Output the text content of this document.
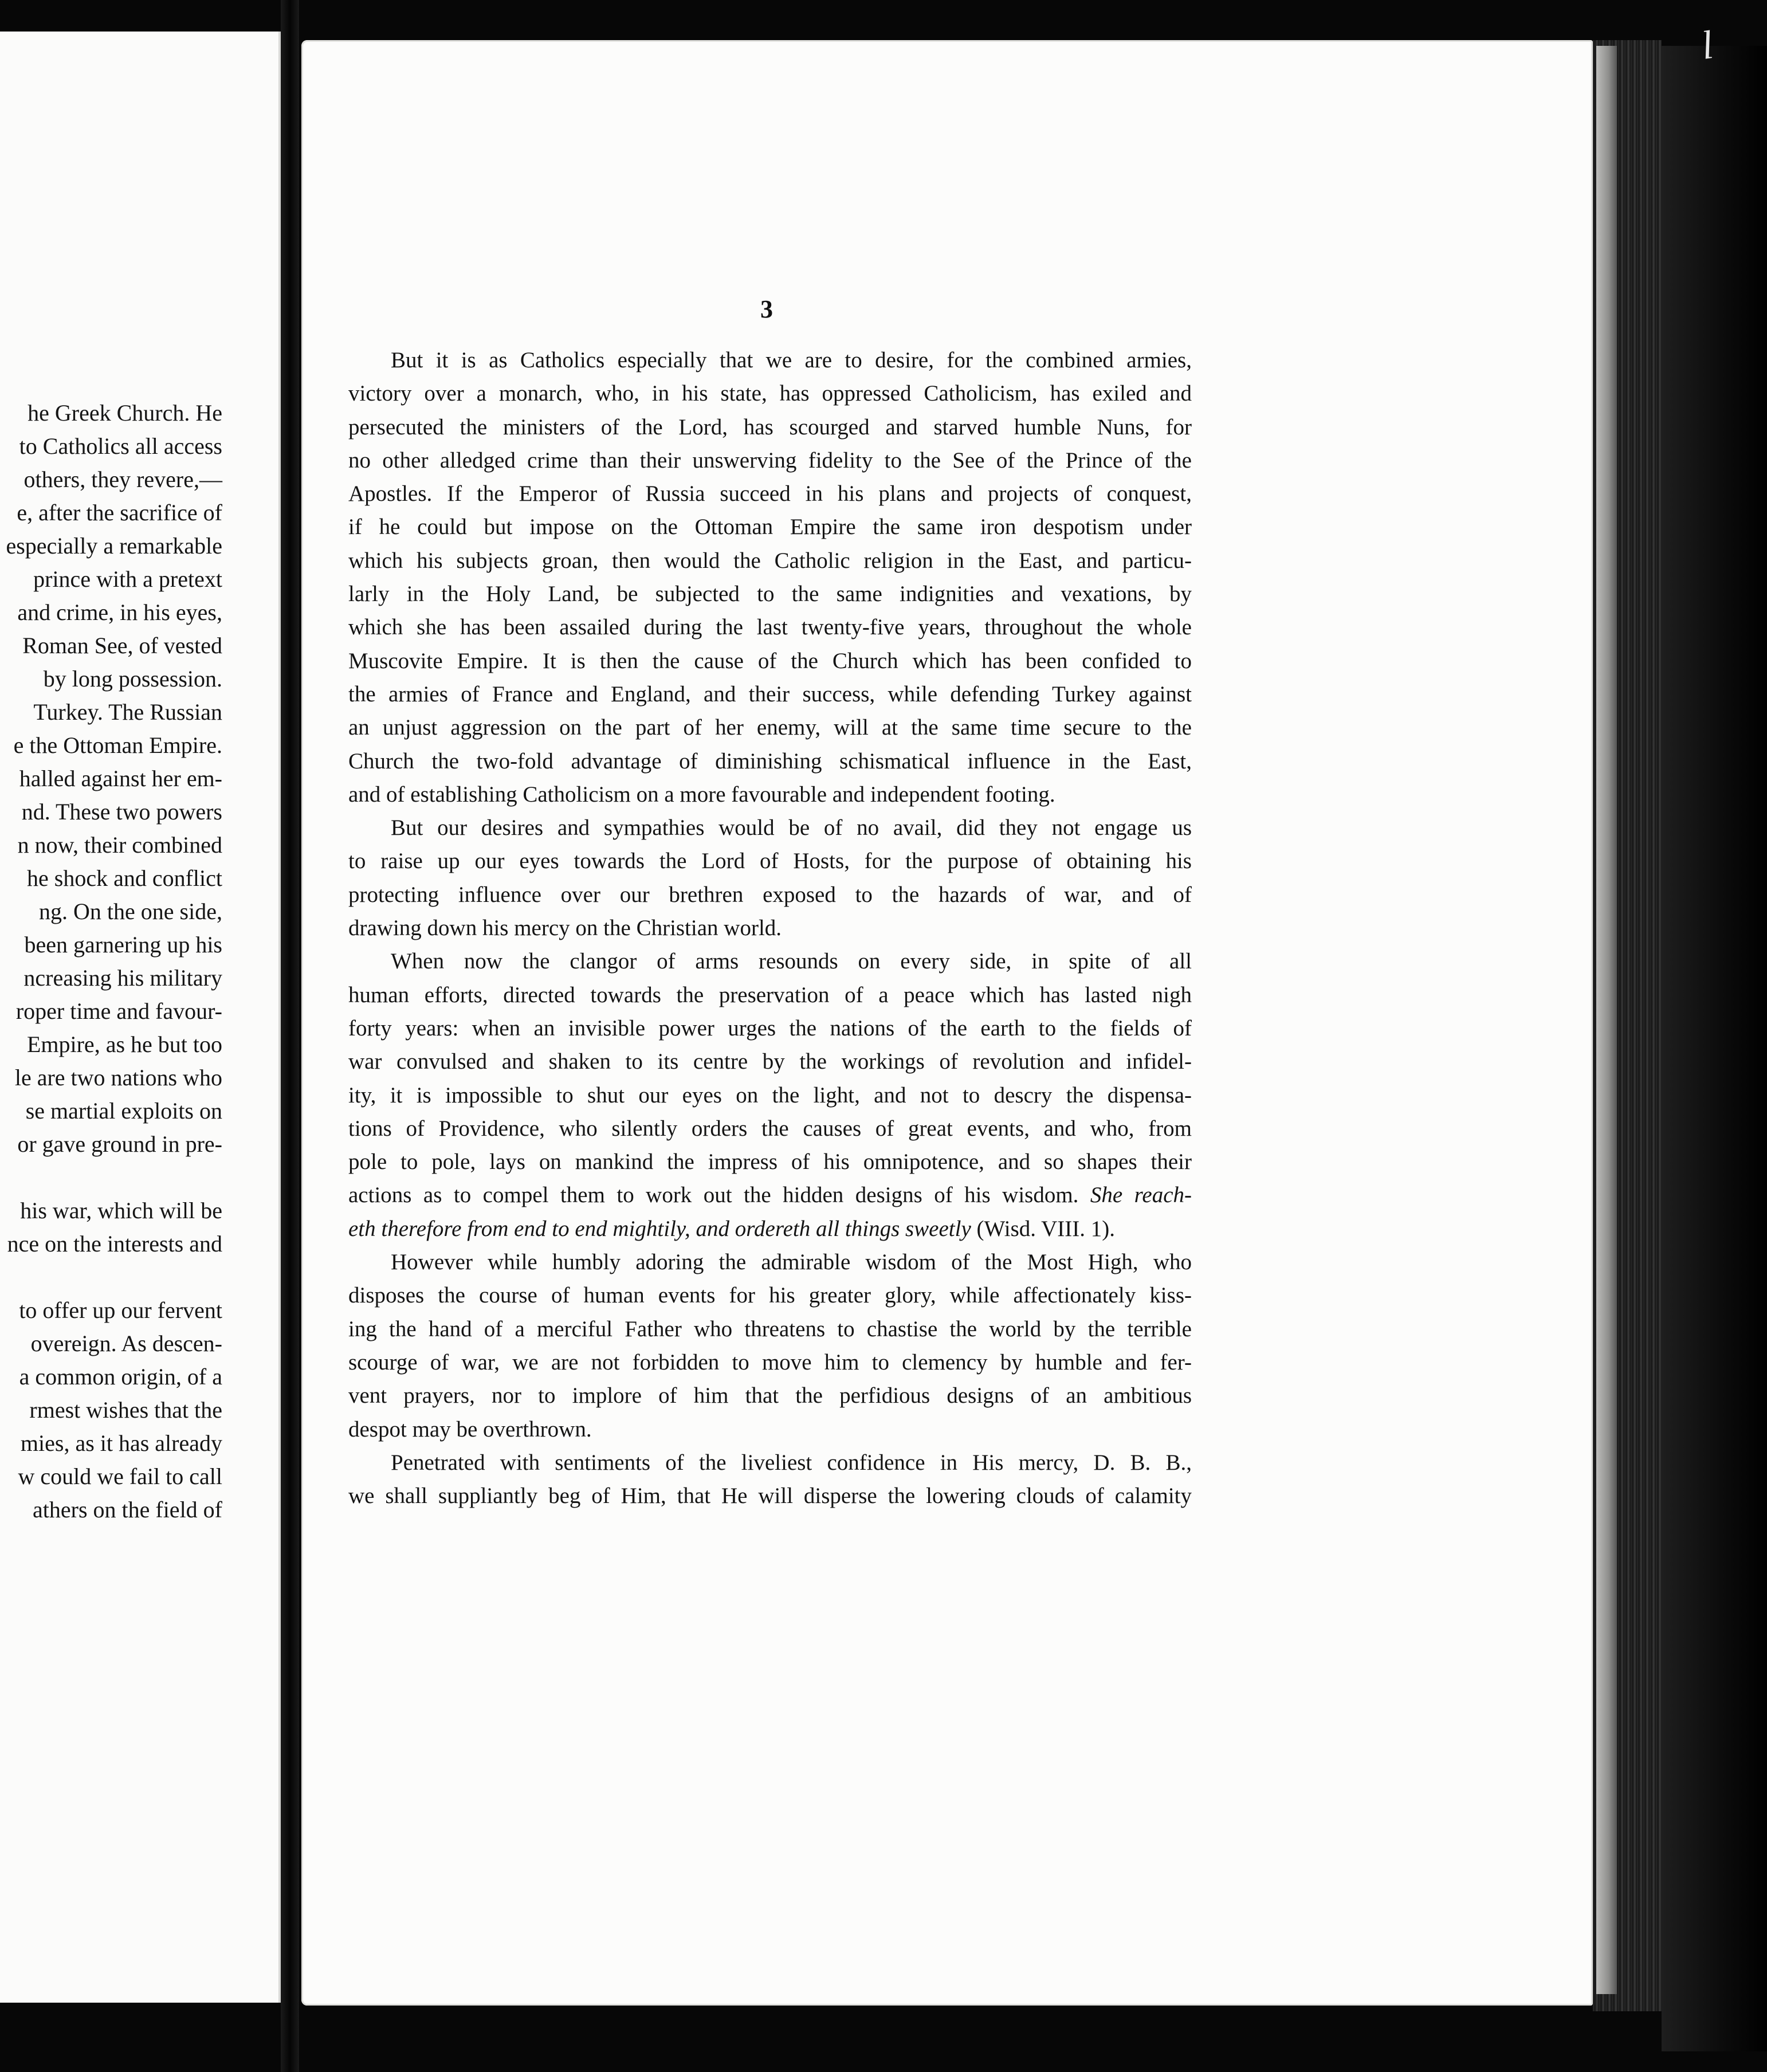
he Greek Church. He
to Catholics all access
others, they revere,—
e, after the sacrifice of
especially a remarkable
prince with a pretext
and crime, in his eyes,
Roman See, of vested
by long possession.
Turkey. The Russian
e the Ottoman Empire.
halled against her em-
nd. These two powers
n now, their combined
he shock and conflict
ng. On the one side,
been garnering up his
ncreasing his military
roper time and favour-
Empire, as he but too
le are two nations who
se martial exploits on
or gave ground in pre-
his war, which will be
nce on the interests and
to offer up our fervent
overeign. As descen-
a common origin, of a
rmest wishes that the
mies, as it has already
w could we fail to call
athers on the field of
3
But it is as Catholics especially that we are to desire, for the combined armies,
victory over a monarch, who, in his state, has oppressed Catholicism, has exiled and
persecuted the ministers of the Lord, has scourged and starved humble Nuns, for
no other alledged crime than their unswerving fidelity to the See of the Prince of the
Apostles. If the Emperor of Russia succeed in his plans and projects of conquest,
if he could but impose on the Ottoman Empire the same iron despotism under
which his subjects groan, then would the Catholic religion in the East, and particu-
larly in the Holy Land, be subjected to the same indignities and vexations, by
which she has been assailed during the last twenty-five years, throughout the whole
Muscovite Empire. It is then the cause of the Church which has been confided to
the armies of France and England, and their success, while defending Turkey against
an unjust aggression on the part of her enemy, will at the same time secure to the
Church the two-fold advantage of diminishing schismatical influence in the East,
and of establishing Catholicism on a more favourable and independent footing.
But our desires and sympathies would be of no avail, did they not engage us
to raise up our eyes towards the Lord of Hosts, for the purpose of obtaining his
protecting influence over our brethren exposed to the hazards of war, and of
drawing down his mercy on the Christian world.
When now the clangor of arms resounds on every side, in spite of all
human efforts, directed towards the preservation of a peace which has lasted nigh
forty years: when an invisible power urges the nations of the earth to the fields of
war convulsed and shaken to its centre by the workings of revolution and infidel-
ity, it is impossible to shut our eyes on the light, and not to descry the dispensa-
tions of Providence, who silently orders the causes of great events, and who, from
pole to pole, lays on mankind the impress of his omnipotence, and so shapes their
actions as to compel them to work out the hidden designs of his wisdom. She reach-
eth therefore from end to end mightily, and ordereth all things sweetly (Wisd. VIII. 1).
However while humbly adoring the admirable wisdom of the Most High, who
disposes the course of human events for his greater glory, while affectionately kiss-
ing the hand of a merciful Father who threatens to chastise the world by the terrible
scourge of war, we are not forbidden to move him to clemency by humble and fer-
vent prayers, nor to implore of him that the perfidious designs of an ambitious
despot may be overthrown.
Penetrated with sentiments of the liveliest confidence in His mercy, D. B. B.,
we shall suppliantly beg of Him, that He will disperse the lowering clouds of calamity
l
